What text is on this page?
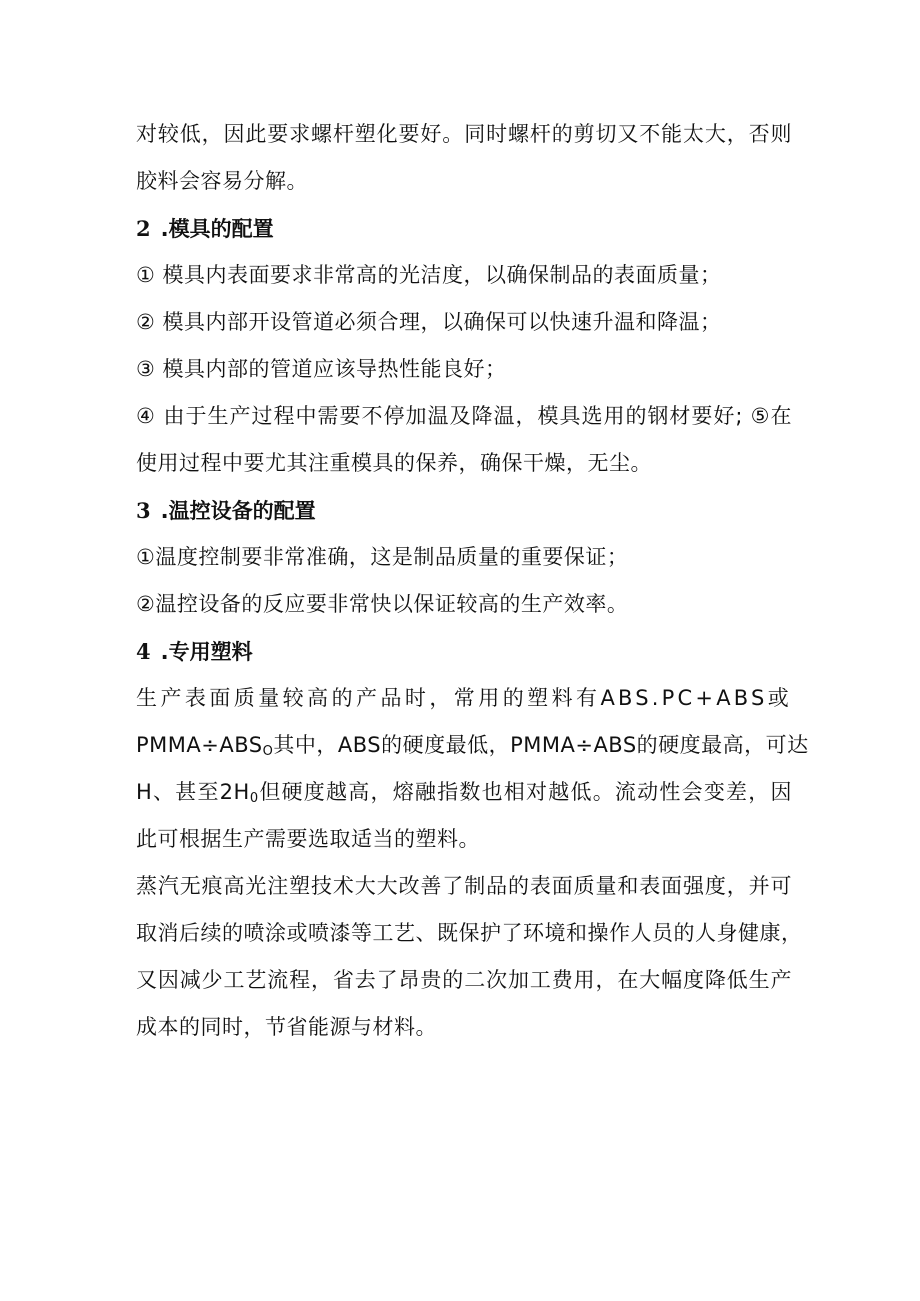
对较低，因此要求螺杆塑化要好。同时螺杆的剪切又不能太大，否则
胶料会容易分解。
2 .模具的配置
① 模具内表面要求非常高的光洁度，以确保制品的表面质量；
② 模具内部开设管道必须合理，以确保可以快速升温和降温；
③ 模具内部的管道应该导热性能良好；
④ 由于生产过程中需要不停加温及降温，模具选用的钢材要好; ⑤在
使用过程中要尤其注重模具的保养，确保干燥，无尘。
3 .温控设备的配置
①温度控制要非常准确，这是制品质量的重要保证；
②温控设备的反应要非常快以保证较高的生产效率。
4 .专用塑料
生产表面质量较高的产品时，常用的塑料有ABS.PC+ABS或
$PMMA\div ABS_O$其中，ABS的硬度最低，PMMA÷ABS的硬度最高，可达
H、甚至$2H_0$但硬度越高，熔融指数也相对越低。流动性会变差，因
此可根据生产需要选取适当的塑料。
蒸汽无痕高光注塑技术大大改善了制品的表面质量和表面强度，并可
取消后续的喷涂或喷漆等工艺、既保护了环境和操作人员的人身健康，
又因减少工艺流程，省去了昂贵的二次加工费用，在大幅度降低生产
成本的同时，节省能源与材料。
